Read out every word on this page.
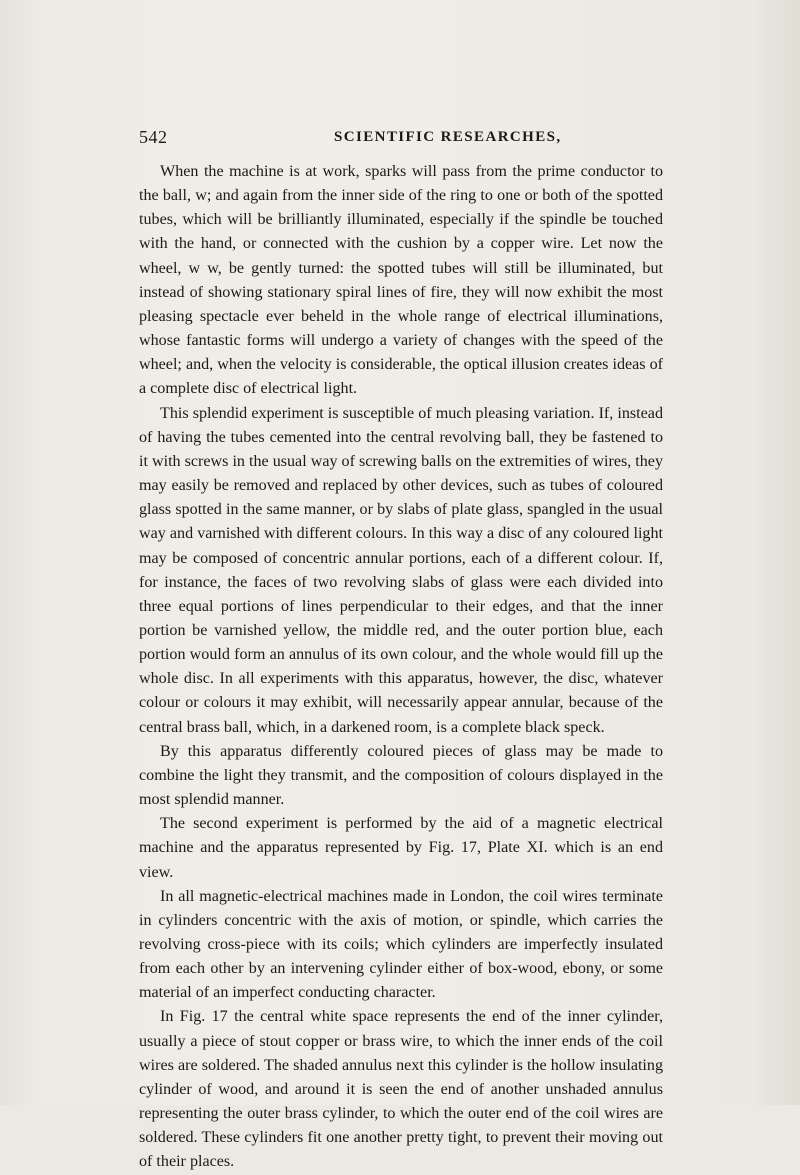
542	SCIENTIFIC RESEARCHES,

When the machine is at work, sparks will pass from the prime conductor to the ball, w; and again from the inner side of the ring to one or both of the spotted tubes, which will be brilliantly illuminated, especially if the spindle be touched with the hand, or connected with the cushion by a copper wire. Let now the wheel, w w, be gently turned: the spotted tubes will still be illuminated, but instead of showing stationary spiral lines of fire, they will now exhibit the most pleasing spectacle ever beheld in the whole range of electrical illuminations, whose fantastic forms will undergo a variety of changes with the speed of the wheel; and, when the velocity is considerable, the optical illusion creates ideas of a complete disc of electrical light.

This splendid experiment is susceptible of much pleasing variation. If, instead of having the tubes cemented into the central revolving ball, they be fastened to it with screws in the usual way of screwing balls on the extremities of wires, they may easily be removed and replaced by other devices, such as tubes of coloured glass spotted in the same manner, or by slabs of plate glass, spangled in the usual way and varnished with different colours. In this way a disc of any coloured light may be composed of concentric annular portions, each of a different colour. If, for instance, the faces of two revolving slabs of glass were each divided into three equal portions of lines perpendicular to their edges, and that the inner portion be varnished yellow, the middle red, and the outer portion blue, each portion would form an annulus of its own colour, and the whole would fill up the whole disc. In all experiments with this apparatus, however, the disc, whatever colour or colours it may exhibit, will necessarily appear annular, because of the central brass ball, which, in a darkened room, is a complete black speck.

By this apparatus differently coloured pieces of glass may be made to combine the light they transmit, and the composition of colours displayed in the most splendid manner.

The second experiment is performed by the aid of a magnetic electrical machine and the apparatus represented by Fig. 17, Plate XI. which is an end view.

In all magnetic-electrical machines made in London, the coil wires terminate in cylinders concentric with the axis of motion, or spindle, which carries the revolving cross-piece with its coils; which cylinders are imperfectly insulated from each other by an intervening cylinder either of box-wood, ebony, or some material of an imperfect conducting character.

In Fig. 17 the central white space represents the end of the inner cylinder, usually a piece of stout copper or brass wire, to which the inner ends of the coil wires are soldered. The shaded annulus next this cylinder is the hollow insulating cylinder of wood, and around it is seen the end of another unshaded annulus representing the outer brass cylinder, to which the outer end of the coil wires are soldered. These cylinders fit one another pretty tight, to prevent their moving out of their places.
